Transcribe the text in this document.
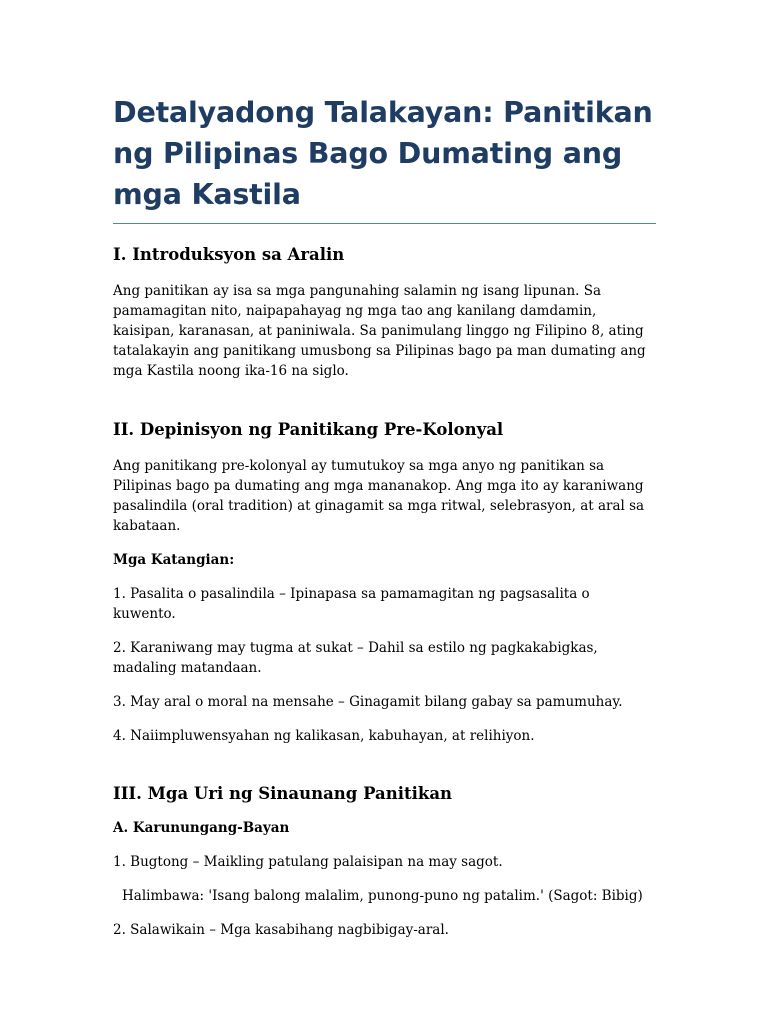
Detalyadong Talakayan: Panitikan ng Pilipinas Bago Dumating ang mga Kastila
I. Introduksyon sa Aralin

Ang panitikan ay isa sa mga pangunahing salamin ng isang lipunan. Sa pamamagitan nito, naipapahayag ng mga tao ang kanilang damdamin, kaisipan, karanasan, at paniniwala. Sa panimulang linggo ng Filipino 8, ating tatalakayin ang panitikang umusbong sa Pilipinas bago pa man dumating ang mga Kastila noong ika-16 na siglo.

II. Depinisyon ng Panitikang Pre-Kolonyal

Ang panitikang pre-kolonyal ay tumutukoy sa mga anyo ng panitikan sa Pilipinas bago pa dumating ang mga mananakop. Ang mga ito ay karaniwang pasalindila (oral tradition) at ginagamit sa mga ritwal, selebrasyon, at aral sa kabataan.

Mga Katangian:

1. Pasalita o pasalindila – Ipinapasa sa pamamagitan ng pagsasalita o kuwento.

2. Karaniwang may tugma at sukat – Dahil sa estilo ng pagkakabigkas, madaling matandaan.

3. May aral o moral na mensahe – Ginagamit bilang gabay sa pamumuhay.

4. Naiimpluwensyahan ng kalikasan, kabuhayan, at relihiyon.

III. Mga Uri ng Sinaunang Panitikan
A. Karunungang-Bayan

1. Bugtong – Maikling patulang palaisipan na may sagot.

Halimbawa: 'Isang balong malalim, punong-puno ng patalim.' (Sagot: Bibig)

2. Salawikain – Mga kasabihang nagbibigay-aral.
